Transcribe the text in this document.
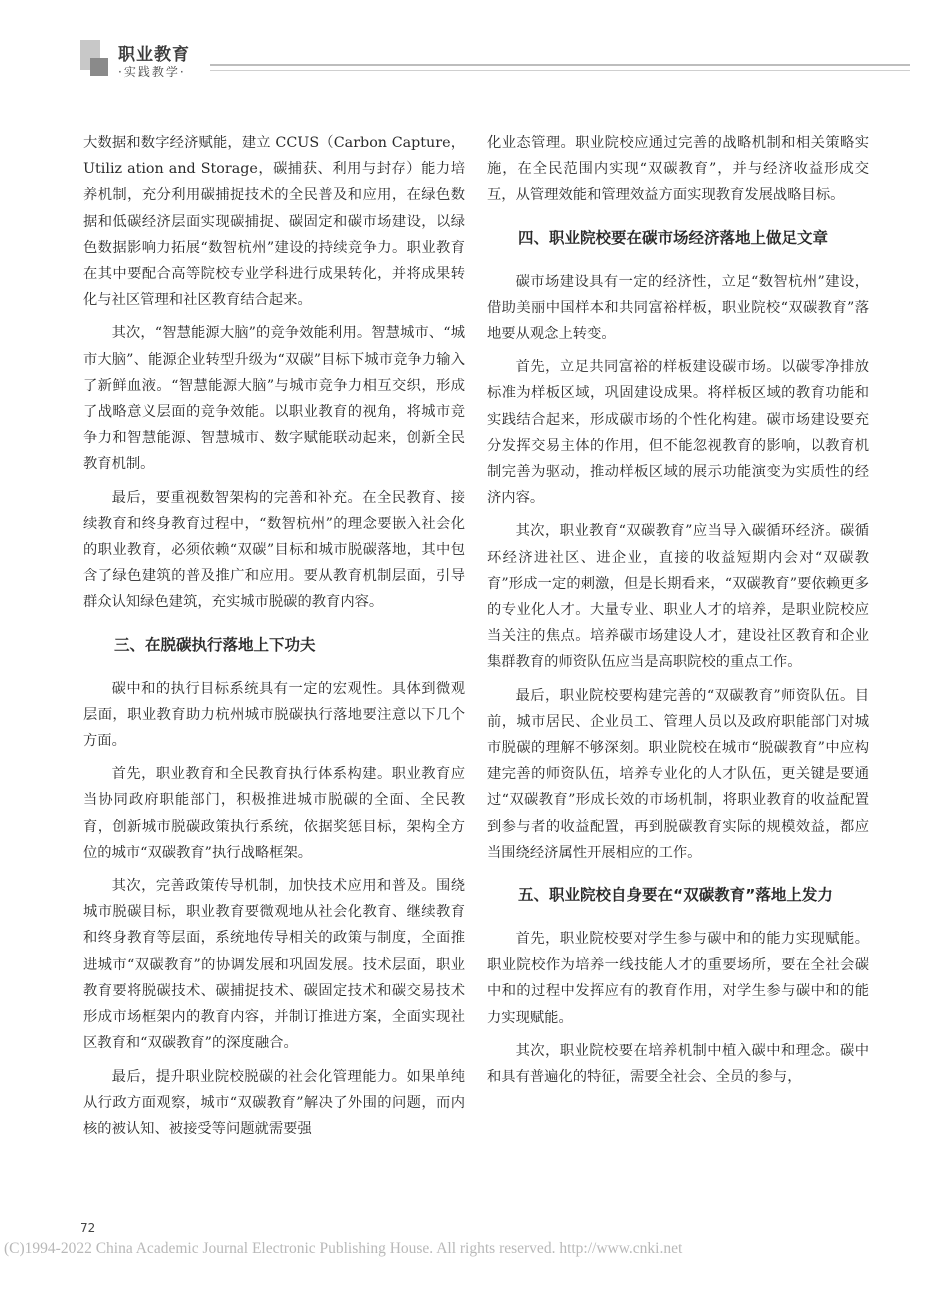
职业教育
·实践教学·

大数据和数字经济赋能，建立 CCUS（Carbon Capture，Utiliz ation and Storage，碳捕获、利用与封存）能力培养机制，充分利用碳捕捉技术的全民普及和应用，在绿色数据和低碳经济层面实现碳捕捉、碳固定和碳市场建设，以绿色数据影响力拓展“数智杭州”建设的持续竞争力。职业教育在其中要配合高等院校专业学科进行成果转化，并将成果转化与社区管理和社区教育结合起来。

其次，“智慧能源大脑”的竞争效能利用。智慧城市、“城市大脑”、能源企业转型升级为“双碳”目标下城市竞争力输入了新鲜血液。“智慧能源大脑”与城市竞争力相互交织，形成了战略意义层面的竞争效能。以职业教育的视角，将城市竞争力和智慧能源、智慧城市、数字赋能联动起来，创新全民教育机制。

最后，要重视数智架构的完善和补充。在全民教育、接续教育和终身教育过程中，“数智杭州”的理念要嵌入社会化的职业教育，必须依赖“双碳”目标和城市脱碳落地，其中包含了绿色建筑的普及推广和应用。要从教育机制层面，引导群众认知绿色建筑，充实城市脱碳的教育内容。

三、在脱碳执行落地上下功夫

碳中和的执行目标系统具有一定的宏观性。具体到微观层面，职业教育助力杭州城市脱碳执行落地要注意以下几个方面。

首先，职业教育和全民教育执行体系构建。职业教育应当协同政府职能部门，积极推进城市脱碳的全面、全民教育，创新城市脱碳政策执行系统，依据奖惩目标，架构全方位的城市“双碳教育”执行战略框架。

其次，完善政策传导机制，加快技术应用和普及。围绕城市脱碳目标，职业教育要微观地从社会化教育、继续教育和终身教育等层面，系统地传导相关的政策与制度，全面推进城市“双碳教育”的协调发展和巩固发展。技术层面，职业教育要将脱碳技术、碳捕捉技术、碳固定技术和碳交易技术形成市场框架内的教育内容，并制订推进方案，全面实现社区教育和“双碳教育”的深度融合。

最后，提升职业院校脱碳的社会化管理能力。如果单纯从行政方面观察，城市“双碳教育”解决了外围的问题，而内核的被认知、被接受等问题就需要强

化业态管理。职业院校应通过完善的战略机制和相关策略实施，在全民范围内实现“双碳教育”，并与经济收益形成交互，从管理效能和管理效益方面实现教育发展战略目标。

四、职业院校要在碳市场经济落地上做足文章

碳市场建设具有一定的经济性，立足“数智杭州”建设，借助美丽中国样本和共同富裕样板，职业院校“双碳教育”落地要从观念上转变。

首先，立足共同富裕的样板建设碳市场。以碳零净排放标准为样板区域，巩固建设成果。将样板区域的教育功能和实践结合起来，形成碳市场的个性化构建。碳市场建设要充分发挥交易主体的作用，但不能忽视教育的影响，以教育机制完善为驱动，推动样板区域的展示功能演变为实质性的经济内容。

其次，职业教育“双碳教育”应当导入碳循环经济。碳循环经济进社区、进企业，直接的收益短期内会对“双碳教育”形成一定的刺激，但是长期看来，“双碳教育”要依赖更多的专业化人才。大量专业、职业人才的培养，是职业院校应当关注的焦点。培养碳市场建设人才，建设社区教育和企业集群教育的师资队伍应当是高职院校的重点工作。

最后，职业院校要构建完善的“双碳教育”师资队伍。目前，城市居民、企业员工、管理人员以及政府职能部门对城市脱碳的理解不够深刻。职业院校在城市“脱碳教育”中应构建完善的师资队伍，培养专业化的人才队伍，更关键是要通过“双碳教育”形成长效的市场机制，将职业教育的收益配置到参与者的收益配置，再到脱碳教育实际的规模效益，都应当围绕经济属性开展相应的工作。

五、职业院校自身要在“双碳教育”落地上发力

首先，职业院校要对学生参与碳中和的能力实现赋能。职业院校作为培养一线技能人才的重要场所，要在全社会碳中和的过程中发挥应有的教育作用，对学生参与碳中和的能力实现赋能。

其次，职业院校要在培养机制中植入碳中和理念。碳中和具有普遍化的特征，需要全社会、全员的参与，

72
(C)1994-2022 China Academic Journal Electronic Publishing House. All rights reserved. http://www.cnki.net
